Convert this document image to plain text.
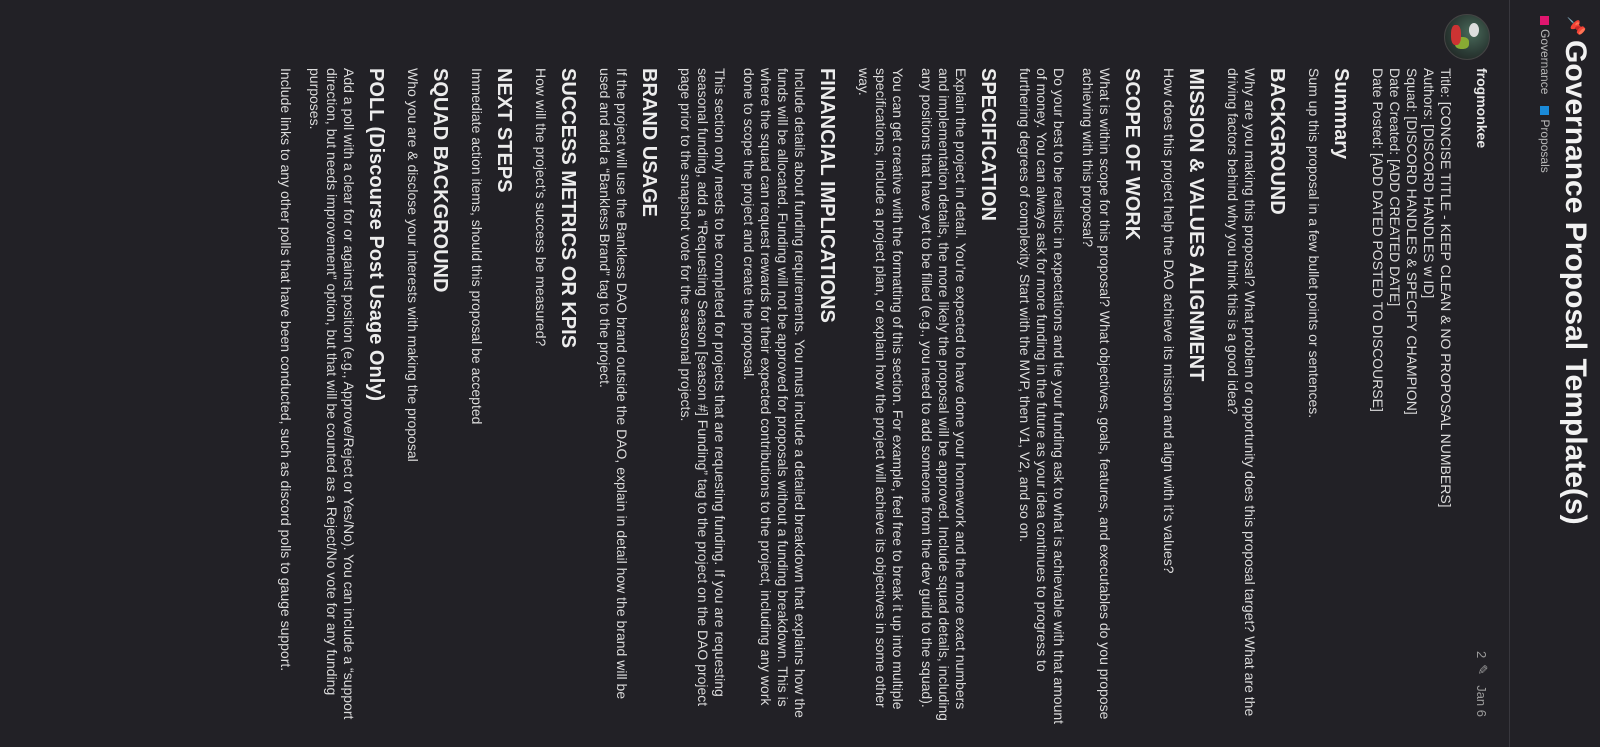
📌
Governance Proposal Template(s)
Governance
Proposals
frogmonkee
2
✎
Jan 6

Title: [CONCISE TITLE - KEEP CLEAN & NO PROPOSAL NUMBERS]

Authors: [DISCORD HANDLES w ID]

Squad: [DISCORD HANDLES & SPECIFY CHAMPION]

Date Created: [ADD CREATED DATE]

Date Posted: [ADD DATED POSTED TO DISCOURSE]

Summary

Sum up this proposal in a few bullet points or sentences.

BACKGROUND

Why are you making this proposal? What problem or opportunity does this proposal target? What are the driving factors behind why you think this is a good idea?

MISSION & VALUES ALIGNMENT

How does this project help the DAO achieve its mission and align with it’s values?

SCOPE OF WORK

What is within scope for this proposal? What objectives, goals, features, and executables do you propose achieving with this proposal?

Do your best to be realistic in expectations and tie your funding ask to what is achievable with that amount of money. You can always ask for more funding in the future as your idea continues to progress to furthering degrees of complexity. Start with the MVP, then V1, V2, and so on.

SPECIFICATION

Explain the project in detail. You’re expected to have done your homework and the more exact numbers and implementation details, the more likely the proposal will be approved. Include squad details, including any positions that have yet to be filled (e.g., you need to add someone from the dev guild to the squad).

You can get creative with the formatting of this section. For example, feel free to break it up into multiple specifications, include a project plan, or explain how the project will achieve its objectives in some other way.

FINANCIAL IMPLICATIONS

Include details about funding requirements. You must include a detailed breakdown that explains how the funds will be allocated. Funding will not be approved for proposals without a funding breakdown. This is where the squad can request rewards for their expected contributions to the project, including any work done to scope the project and create the proposal.

This section only needs to be completed for projects that are requesting funding. If you are requesting seasonal funding, add a “Requesting Season [season #] Funding” tag to the project on the DAO project page prior to the snapshot vote for the seasonal projects.

BRAND USAGE

If the project will use the Bankless DAO brand outside the DAO, explain in detail how the brand will be used and add a “Bankless Brand” tag to the project.

SUCCESS METRICS OR KPIS

How will the project’s success be measured?

NEXT STEPS

Immediate action items, should this proposal be accepted

SQUAD BACKGROUND

Who you are & disclose your interests with making the proposal

POLL (Discourse Post Usage Only)

Add a poll with a clear for or against position (e.g., Approve/Reject or Yes/No). You can include a “support direction, but needs improvement” option, but that will be counted as a Reject/No vote for any funding purposes.

Include links to any other polls that have been conducted, such as discord polls to gauge support.
